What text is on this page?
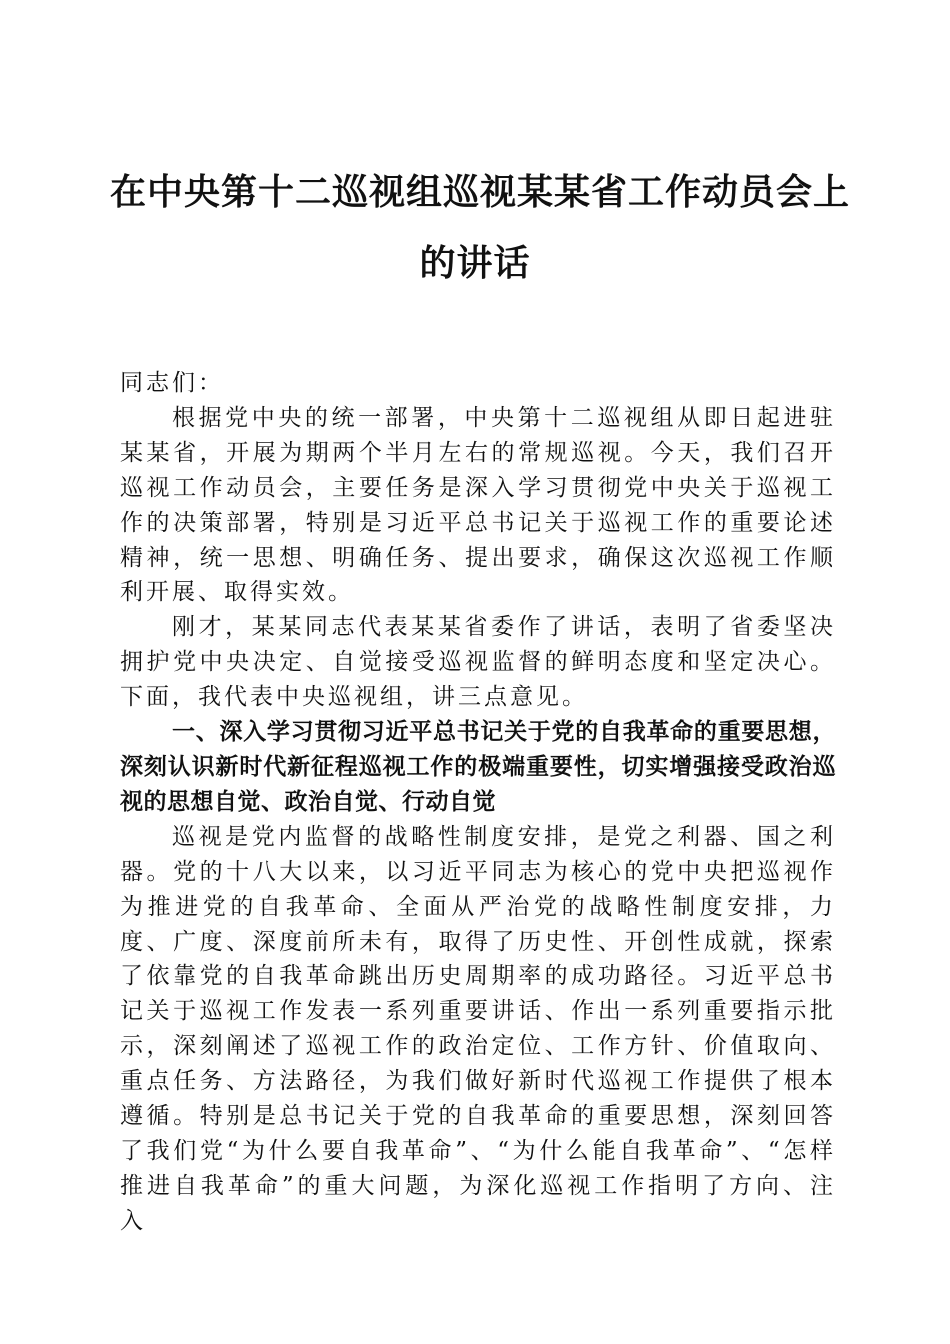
在中央第十二巡视组巡视某某省工作动员会上
的讲话

同志们：

根据党中央的统一部署，中央第十二巡视组从即日起进驻某某省，开展为期两个半月左右的常规巡视。今天，我们召开巡视工作动员会，主要任务是深入学习贯彻党中央关于巡视工作的决策部署，特别是习近平总书记关于巡视工作的重要论述精神，统一思想、明确任务、提出要求，确保这次巡视工作顺利开展、取得实效。

刚才，某某同志代表某某省委作了讲话，表明了省委坚决拥护党中央决定、自觉接受巡视监督的鲜明态度和坚定决心。下面，我代表中央巡视组，讲三点意见。

一、深入学习贯彻习近平总书记关于党的自我革命的重要思想，深刻认识新时代新征程巡视工作的极端重要性，切实增强接受政治巡视的思想自觉、政治自觉、行动自觉

巡视是党内监督的战略性制度安排，是党之利器、国之利器。党的十八大以来，以习近平同志为核心的党中央把巡视作为推进党的自我革命、全面从严治党的战略性制度安排，力度、广度、深度前所未有，取得了历史性、开创性成就，探索了依靠党的自我革命跳出历史周期率的成功路径。习近平总书记关于巡视工作发表一系列重要讲话、作出一系列重要指示批示，深刻阐述了巡视工作的政治定位、工作方针、价值取向、重点任务、方法路径，为我们做好新时代巡视工作提供了根本遵循。特别是总书记关于党的自我革命的重要思想，深刻回答了我们党“为什么要自我革命”、“为什么能自我革命”、“怎样推进自我革命”的重大问题，为深化巡视工作指明了方向、注入
